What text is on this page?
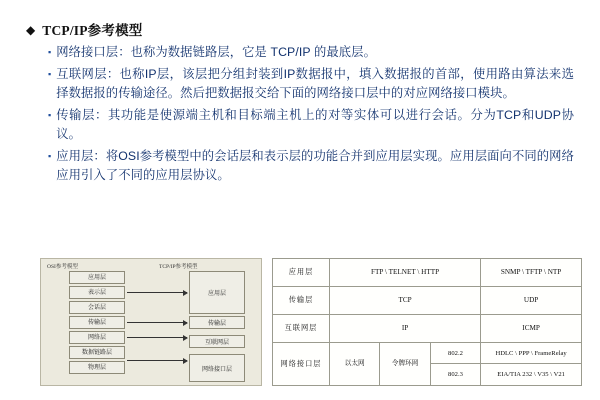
◆ TCP/IP参考模型
▪ 网络接口层：也称为数据链路层，它是 TCP/IP 的最底层。
▪ 互联网层：也称IP层，该层把分组封装到IP数据报中，填入数据报的首部，使用路由算法来选择数据报的传输途径。然后把数据报交给下面的网络接口层中的对应网络接口模块。
▪ 传输层：其功能是使源端主机和目标端主机上的对等实体可以进行会话。分为TCP和UDP协议。
▪ 应用层：将OSI参考模型中的会话层和表示层的功能合并到应用层实现。应用层面向不同的网络应用引入了不同的应用层协议。
OSI参考模型	TCP/IP参考模型
应用层
表示层
会话层
传输层
网络层
数据链路层
物理层
应用层
传输层
互联网层
网络接口层
应用层	FTP \ TELNET \ HTTP			SNMP \ TFTP \ NTP
传输层	TCP			UDP
互联网层	IP			ICMP
网络接口层	以太网	令牌环网	802.2	HDLC \ PPP \ FrameRelay
			802.3	EIA/TIA 232 \ V35 \ V21
